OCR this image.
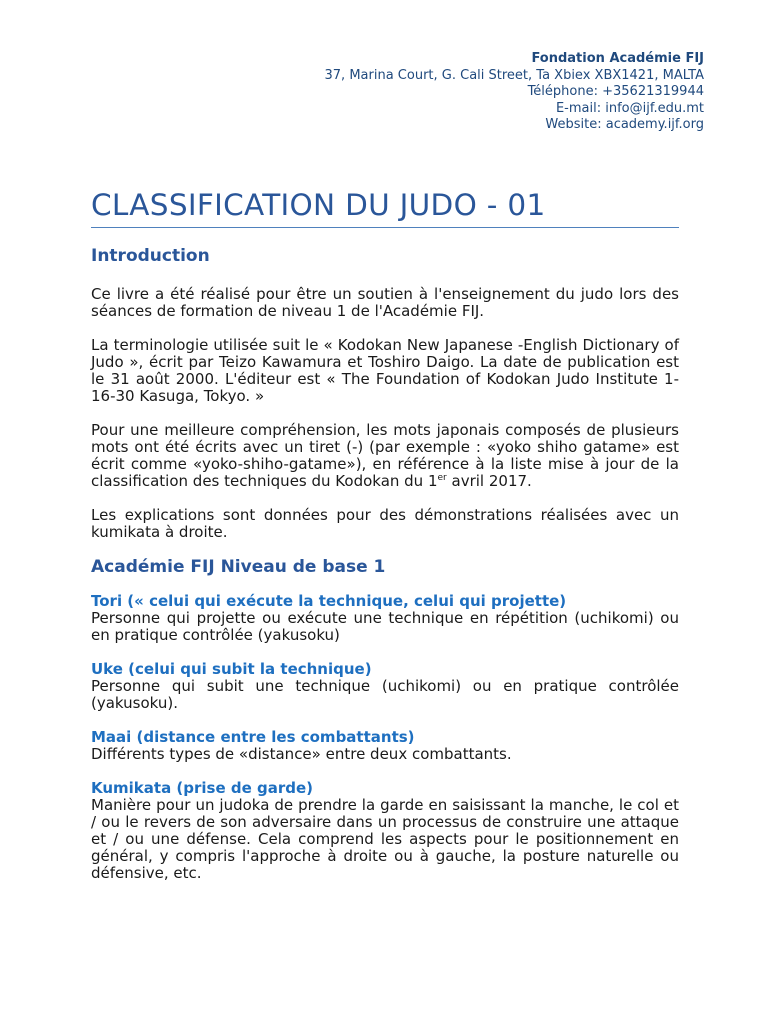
Fondation Académie FIJ
37, Marina Court, G. Cali Street, Ta Xbiex XBX1421, MALTA
Téléphone: +35621319944
E-mail: info@ijf.edu.mt
Website: academy.ijf.org
CLASSIFICATION DU JUDO - 01
Introduction

Ce livre a été réalisé pour être un soutien à l'enseignement du judo lors des séances de formation de niveau 1 de l'Académie FIJ.

La terminologie utilisée suit le « Kodokan New Japanese -English Dictionary of Judo », écrit par Teizo Kawamura et Toshiro Daigo. La date de publication est le 31 août 2000. L'éditeur est « The Foundation of Kodokan Judo Institute 1-16-30 Kasuga, Tokyo. »

Pour une meilleure compréhension, les mots japonais composés de plusieurs mots ont été écrits avec un tiret (-) (par exemple : «yoko shiho gatame» est écrit comme «yoko-shiho-gatame»), en référence à la liste mise à jour de la classification des techniques du Kodokan du 1er avril 2017.

Les explications sont données pour des démonstrations réalisées avec un kumikata à droite.

Académie FIJ Niveau de base 1
Tori (« celui qui exécute la technique, celui qui projette)

Personne qui projette ou exécute une technique en répétition (uchikomi) ou en pratique contrôlée (yakusoku)

Uke (celui qui subit la technique)

Personne qui subit une technique (uchikomi) ou en pratique contrôlée (yakusoku).

Maai (distance entre les combattants)

Différents types de «distance» entre deux combattants.

Kumikata (prise de garde)

Manière pour un judoka de prendre la garde en saisissant la manche, le col et / ou le revers de son adversaire dans un processus de construire une attaque et / ou une défense. Cela comprend les aspects pour le positionnement en général, y compris l'approche à droite ou à gauche, la posture naturelle ou défensive, etc.
